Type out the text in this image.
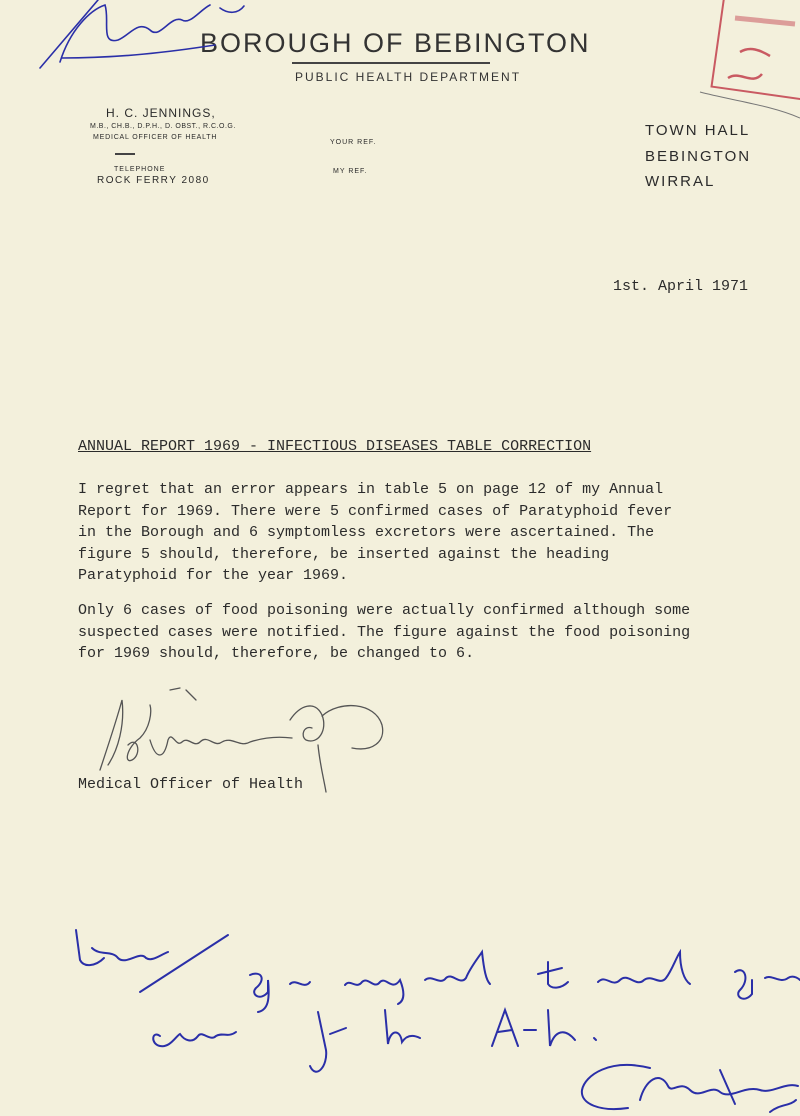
BOROUGH OF BEBINGTON
PUBLIC HEALTH DEPARTMENT
H. C. JENNINGS,
M.B., CH.B., D.P.H., D. OBST., R.C.O.G.
MEDICAL OFFICER OF HEALTH
TELEPHONE
ROCK FERRY 2080
YOUR REF.
MY REF.
TOWN HALL
BEBINGTON
WIRRAL
1st. April 1971
ANNUAL REPORT 1969 - INFECTIOUS DISEASES TABLE CORRECTION
I regret that an error appears in table 5 on page 12 of my Annual
Report for 1969. There were 5 confirmed cases of Paratyphoid fever
in the Borough and 6 symptomless excretors were ascertained. The
figure 5 should, therefore, be inserted against the heading
Paratyphoid for the year 1969.
Only 6 cases of food poisoning were actually confirmed although some
suspected cases were notified. The figure against the food poisoning
for 1969 should, therefore, be changed to 6.
Medical Officer of Health
